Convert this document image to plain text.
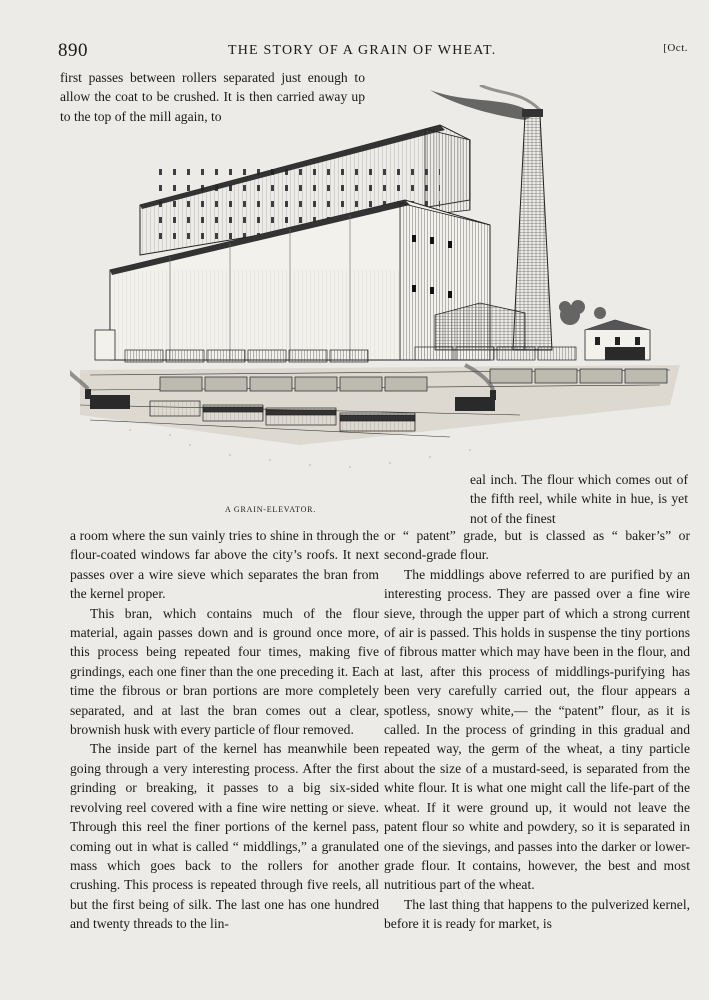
890	THE STORY OF A GRAIN OF WHEAT.	[Oct.

first passes between rollers separated just enough to allow the coat to be crushed. It is then carried away up to the top of the mill again, to

A GRAIN-ELEVATOR.

eal inch. The flour which comes out of the fifth reel, while white in hue, is yet not of the finest

a room where the sun vainly tries to shine in through the flour-coated windows far above the city’s roofs. It next passes over a wire sieve which separates the bran from the kernel proper.

This bran, which contains much of the flour material, again passes down and is ground once more, this process being repeated four times, making five grindings, each one finer than the one preceding it. Each time the fibrous or bran portions are more completely separated, and at last the bran comes out a clear, brownish husk with every particle of flour removed.

The inside part of the kernel has meanwhile been going through a very interesting process. After the first grinding or breaking, it passes to a big six-sided revolving reel covered with a fine wire netting or sieve. Through this reel the finer portions of the kernel pass, coming out in what is called “ middlings,” a granulated mass which goes back to the rollers for another crushing. This process is repeated through five reels, all but the first being of silk. The last one has one hundred and twenty threads to the lin-

or “ patent” grade, but is classed as “ baker’s” or second-grade flour.

The middlings above referred to are purified by an interesting process. They are passed over a fine wire sieve, through the upper part of which a strong current of air is passed. This holds in suspense the tiny portions of fibrous matter which may have been in the flour, and at last, after this process of middlings-purifying has been very carefully carried out, the flour appears a spotless, snowy white,— the “patent” flour, as it is called. In the process of grinding in this gradual and repeated way, the germ of the wheat, a tiny particle about the size of a mustard-seed, is separated from the white flour. It is what one might call the life-part of the wheat. If it were ground up, it would not leave the patent flour so white and powdery, so it is separated in one of the sievings, and passes into the darker or lower-grade flour. It contains, however, the best and most nutritious part of the wheat.

The last thing that happens to the pulverized kernel, before it is ready for market, is
